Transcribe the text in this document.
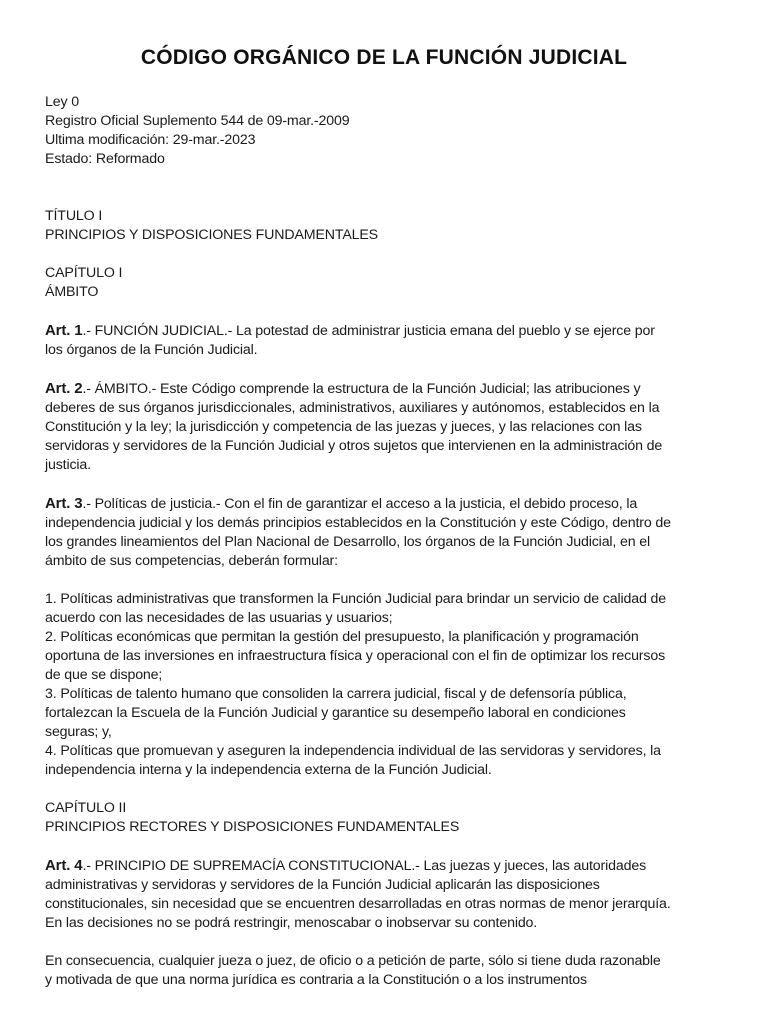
CÓDIGO ORGÁNICO DE LA FUNCIÓN JUDICIAL
Ley 0
Registro Oficial Suplemento 544 de 09-mar.-2009
Ultima modificación: 29-mar.-2023
Estado: Reformado
TÍTULO I
PRINCIPIOS Y DISPOSICIONES FUNDAMENTALES
CAPÍTULO I
ÁMBITO
Art. 1.- FUNCIÓN JUDICIAL.- La potestad de administrar justicia emana del pueblo y se ejerce por
los órganos de la Función Judicial.
Art. 2.- ÁMBITO.- Este Código comprende la estructura de la Función Judicial; las atribuciones y
deberes de sus órganos jurisdiccionales, administrativos, auxiliares y autónomos, establecidos en la
Constitución y la ley; la jurisdicción y competencia de las juezas y jueces, y las relaciones con las
servidoras y servidores de la Función Judicial y otros sujetos que intervienen en la administración de
justicia.
Art. 3.- Políticas de justicia.- Con el fin de garantizar el acceso a la justicia, el debido proceso, la
independencia judicial y los demás principios establecidos en la Constitución y este Código, dentro de
los grandes lineamientos del Plan Nacional de Desarrollo, los órganos de la Función Judicial, en el
ámbito de sus competencias, deberán formular:
1. Políticas administrativas que transformen la Función Judicial para brindar un servicio de calidad de
acuerdo con las necesidades de las usuarias y usuarios;
2. Políticas económicas que permitan la gestión del presupuesto, la planificación y programación
oportuna de las inversiones en infraestructura física y operacional con el fin de optimizar los recursos
de que se dispone;
3. Políticas de talento humano que consoliden la carrera judicial, fiscal y de defensoría pública,
fortalezcan la Escuela de la Función Judicial y garantice su desempeño laboral en condiciones
seguras; y,
4. Políticas que promuevan y aseguren la independencia individual de las servidoras y servidores, la
independencia interna y la independencia externa de la Función Judicial.
CAPÍTULO II
PRINCIPIOS RECTORES Y DISPOSICIONES FUNDAMENTALES
Art. 4.- PRINCIPIO DE SUPREMACÍA CONSTITUCIONAL.- Las juezas y jueces, las autoridades
administrativas y servidoras y servidores de la Función Judicial aplicarán las disposiciones
constitucionales, sin necesidad que se encuentren desarrolladas en otras normas de menor jerarquía.
En las decisiones no se podrá restringir, menoscabar o inobservar su contenido.
En consecuencia, cualquier jueza o juez, de oficio o a petición de parte, sólo si tiene duda razonable
y motivada de que una norma jurídica es contraria a la Constitución o a los instrumentos
